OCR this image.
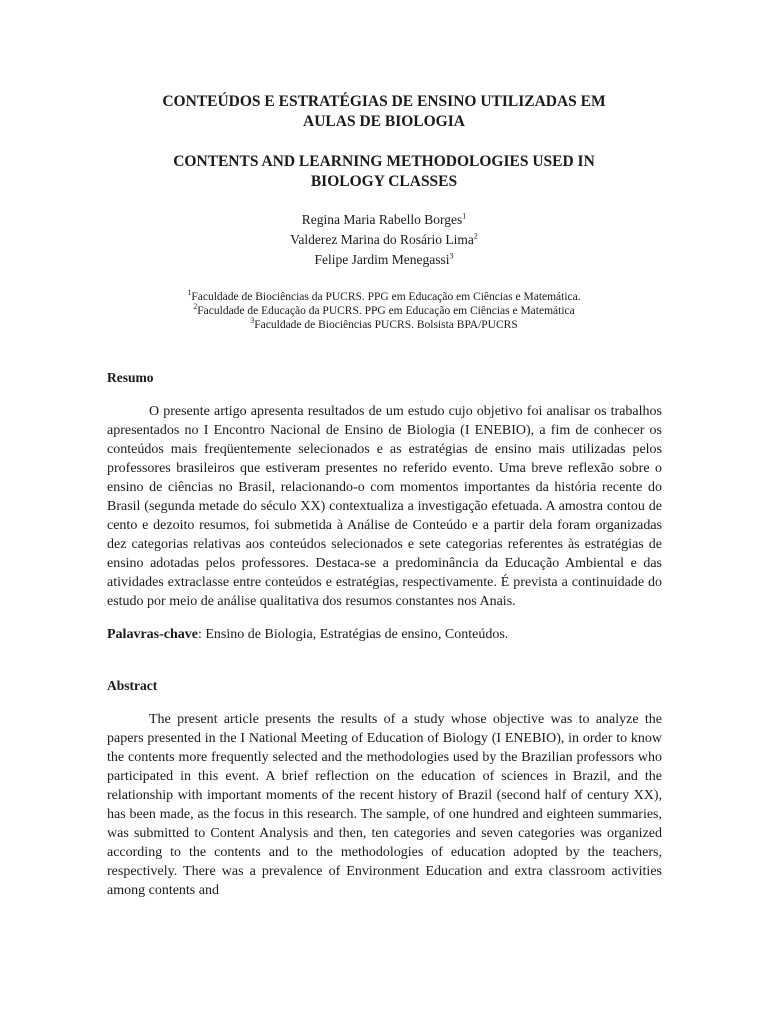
CONTEÚDOS E ESTRATÉGIAS DE ENSINO UTILIZADAS EM
AULAS DE BIOLOGIA
CONTENTS AND LEARNING METHODOLOGIES USED IN
BIOLOGY CLASSES
Regina Maria Rabello Borges$^1$
Valderez Marina do Rosário Lima$^2$
Felipe Jardim Menegassi$^3$
$^1$Faculdade de Biociências da PUCRS. PPG em Educação em Ciências e Matemática.
$^2$Faculdade de Educação da PUCRS. PPG em Educação em Ciências e Matemática
$^3$Faculdade de Biociências PUCRS. Bolsista BPA/PUCRS
Resumo

O presente artigo apresenta resultados de um estudo cujo objetivo foi analisar os trabalhos apresentados no I Encontro Nacional de Ensino de Biologia (I ENEBIO), a fim de conhecer os conteúdos mais freqüentemente selecionados e as estratégias de ensino mais utilizadas pelos professores brasileiros que estiveram presentes no referido evento. Uma breve reflexão sobre o ensino de ciências no Brasil, relacionando-o com momentos importantes da história recente do Brasil (segunda metade do século XX) contextualiza a investigação efetuada. A amostra contou de cento e dezoito resumos, foi submetida à Análise de Conteúdo e a partir dela foram organizadas dez categorias relativas aos conteúdos selecionados e sete categorias referentes às estratégias de ensino adotadas pelos professores. Destaca-se a predominância da Educação Ambiental e das atividades extraclasse entre conteúdos e estratégias, respectivamente. É prevista a continuidade do estudo por meio de análise qualitativa dos resumos constantes nos Anais.

Palavras-chave: Ensino de Biologia, Estratégias de ensino, Conteúdos.

Abstract

The present article presents the results of a study whose objective was to analyze the papers presented in the I National Meeting of Education of Biology (I ENEBIO), in order to know the contents more frequently selected and the methodologies used by the Brazilian professors who participated in this event. A brief reflection on the education of sciences in Brazil, and the relationship with important moments of the recent history of Brazil (second half of century XX), has been made, as the focus in this research. The sample, of one hundred and eighteen summaries, was submitted to Content Analysis and then, ten categories and seven categories was organized according to the contents and to the methodologies of education adopted by the teachers, respectively. There was a prevalence of Environment Education and extra classroom activities among contents and
